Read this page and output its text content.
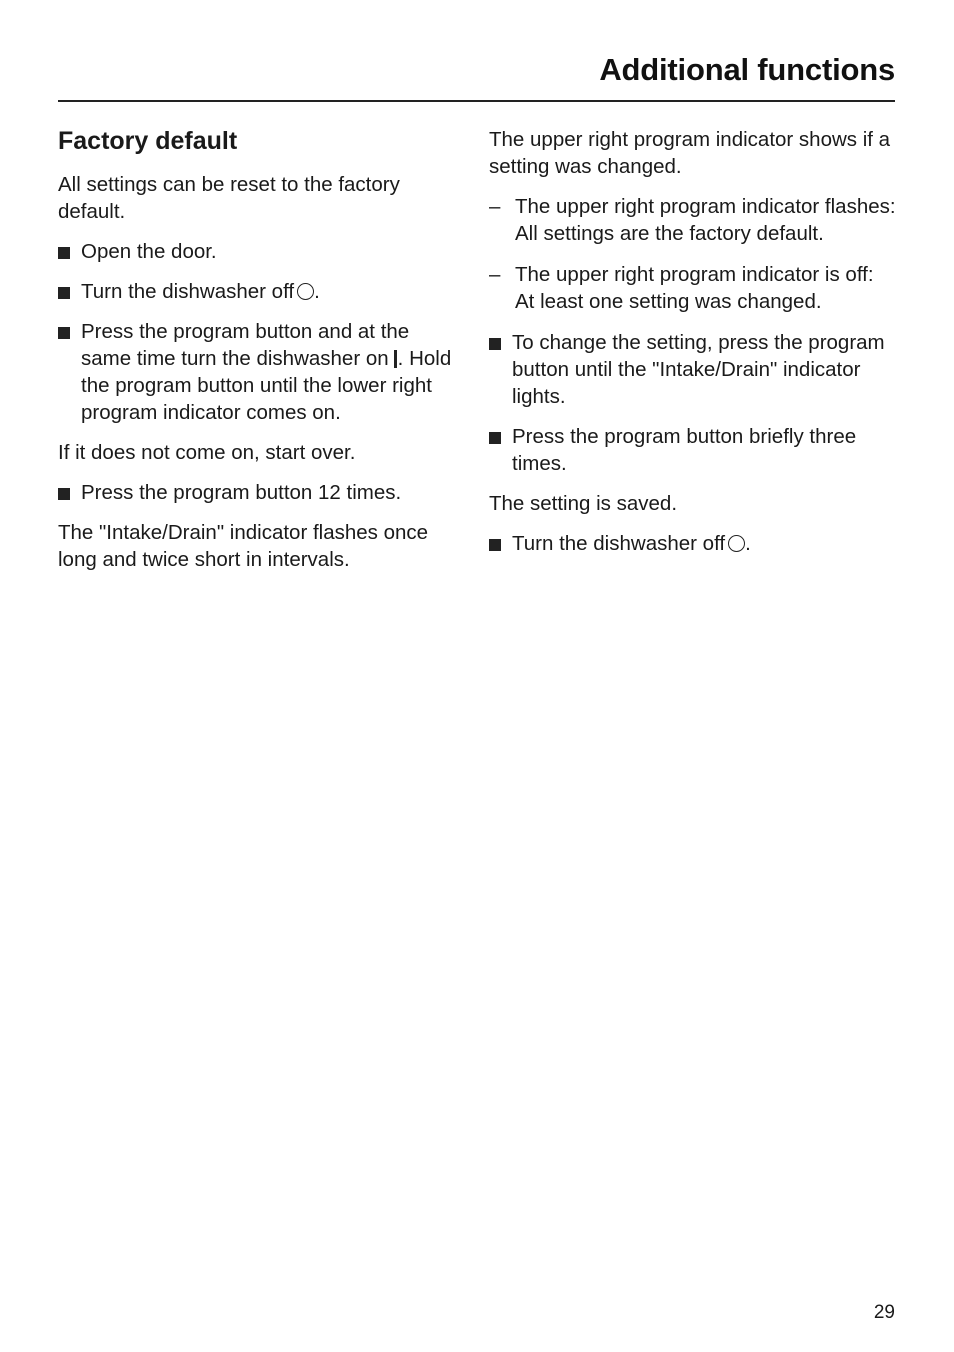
Additional functions
Factory default

All settings can be reset to the factory default.

Open the door.
Turn the dishwasher off .
Press the program button and at the same time turn the dishwasher on . Hold the program button until the lower right program indicator comes on.

If it does not come on, start over.

Press the program button 12 times.

The "Intake/Drain" indicator flashes once long and twice short in intervals.

The upper right program indicator shows if a setting was changed.

– The upper right program indicator flashes:
All settings are the factory default.
– The upper right program indicator is off:
At least one setting was changed.
To change the setting, press the program button until the "Intake/Drain" indicator lights.
Press the program button briefly three times.

The setting is saved.

Turn the dishwasher off .
29
